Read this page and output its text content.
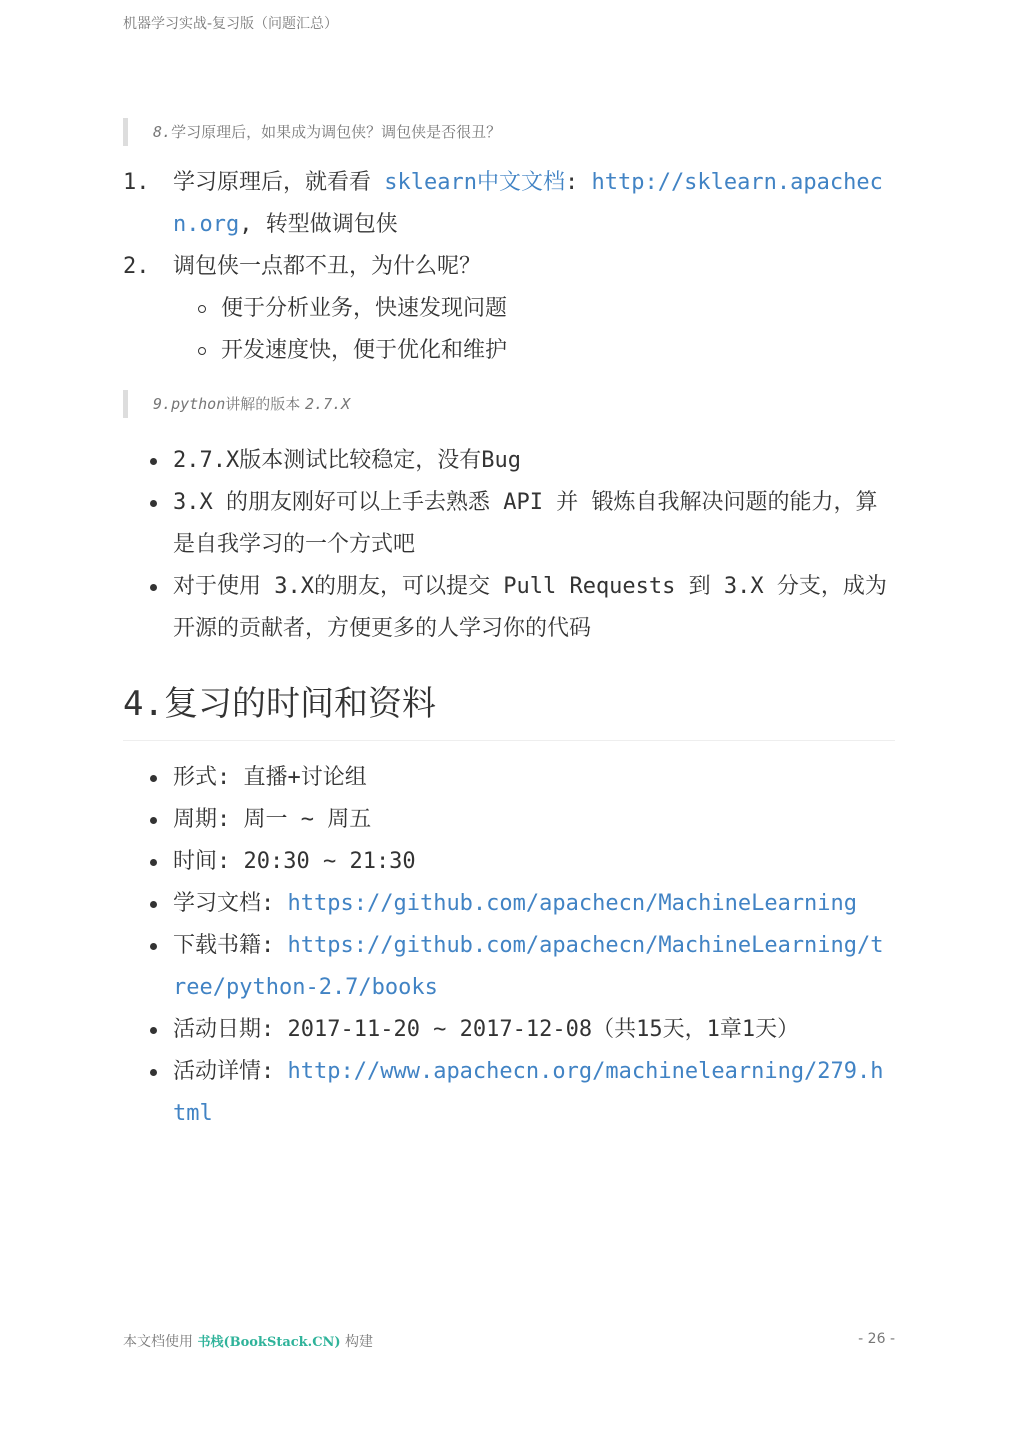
机器学习实战-复习版（问题汇总）
8.学习原理后，如果成为调包侠？调包侠是否很丑？
1.	学习原理后，就看看 sklearn中文文档: http://sklearn.apachecn.org, 转型做调包侠
2.	调包侠一点都不丑，为什么呢？
便于分析业务，快速发现问题
开发速度快，便于优化和维护
9.python讲解的版本 2.7.X
2.7.X版本测试比较稳定，没有Bug
3.X 的朋友刚好可以上手去熟悉 API 并 锻炼自我解决问题的能力，算是自我学习的一个方式吧
对于使用 3.X的朋友，可以提交 Pull Requests 到 3.X 分支，成为开源的贡献者，方便更多的人学习你的代码
4.复习的时间和资料
形式: 直播+讨论组
周期: 周一 ~ 周五
时间: 20:30 ~ 21:30
学习文档: https://github.com/apachecn/MachineLearning
下载书籍: https://github.com/apachecn/MachineLearning/tree/python-2.7/books
活动日期: 2017-11-20 ~ 2017-12-08（共15天，1章1天）
活动详情: http://www.apachecn.org/machinelearning/279.html
本文档使用 书栈(BookStack.CN) 构建	- 26 -
